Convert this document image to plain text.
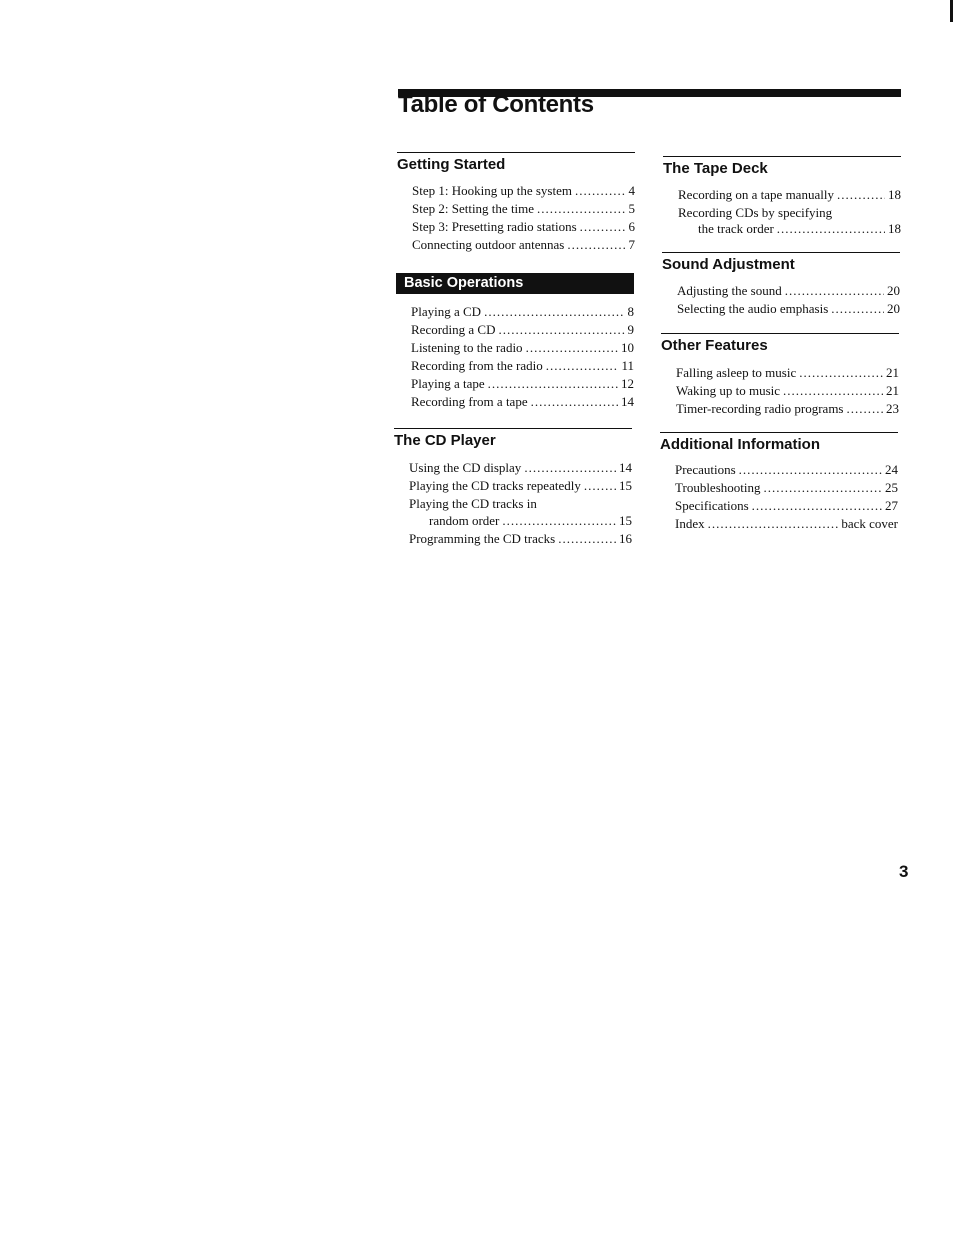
Table of Contents
Getting Started
Step 1: Hooking up the system .....	4
Step 2: Setting the time .....	5
Step 3: Presetting radio stations .....	6
Connecting outdoor antennas .....	7
Basic Operations
Playing a CD .....	8
Recording a CD .....	9
Listening to the radio .....	10
Recording from the radio .....	11
Playing a tape .....	12
Recording from a tape .....	14
The CD Player
Using the CD display .....	14
Playing the CD tracks repeatedly .....	15
Playing the CD tracks in
random order .....	15
Programming the CD tracks .....	16
The Tape Deck
Recording on a tape manually .....	18
Recording CDs by specifying
the track order .....	18
Sound Adjustment
Adjusting the sound .....	20
Selecting the audio emphasis .....	20
Other Features
Falling asleep to music .....	21
Waking up to music .....	21
Timer-recording radio programs .....	23
Additional Information
Precautions .....	24
Troubleshooting .....	25
Specifications .....	27
Index .....	back cover
3
